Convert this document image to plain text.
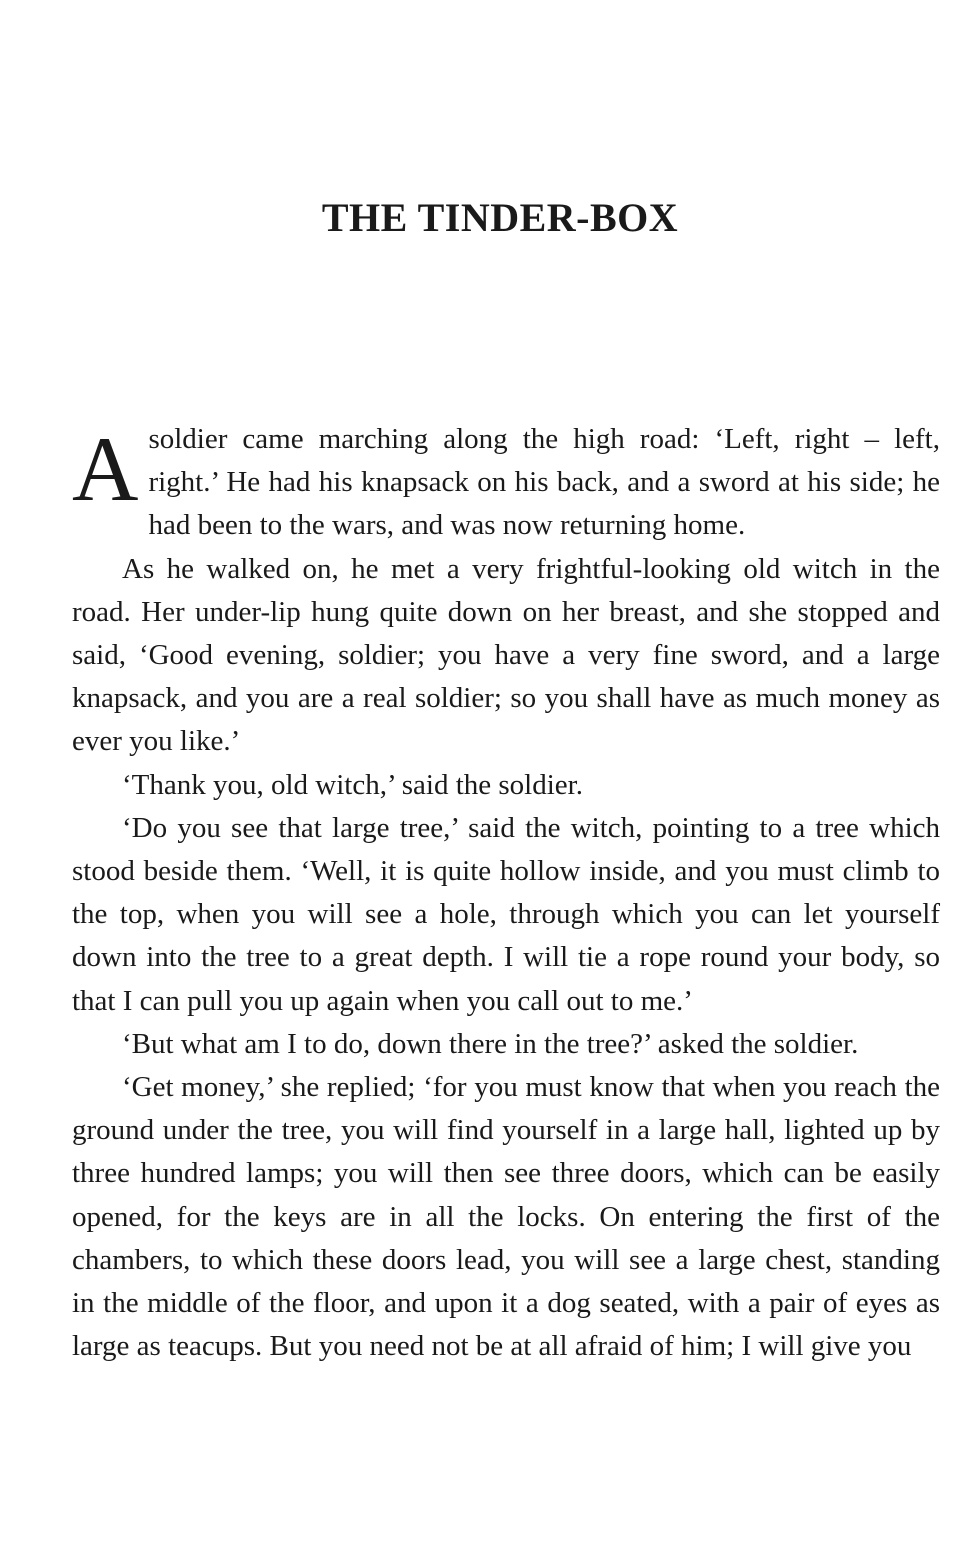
THE TINDER-BOX

A soldier came marching along the high road: ‘Left, right – left, right.’ He had his knapsack on his back, and a sword at his side; he had been to the wars, and was now returning home.

As he walked on, he met a very frightful-looking old witch in the road. Her under-lip hung quite down on her breast, and she stopped and said, ‘Good evening, soldier; you have a very fine sword, and a large knapsack, and you are a real soldier; so you shall have as much money as ever you like.’

‘Thank you, old witch,’ said the soldier.

‘Do you see that large tree,’ said the witch, pointing to a tree which stood beside them. ‘Well, it is quite hollow inside, and you must climb to the top, when you will see a hole, through which you can let yourself down into the tree to a great depth. I will tie a rope round your body, so that I can pull you up again when you call out to me.’

‘But what am I to do, down there in the tree?’ asked the soldier.

‘Get money,’ she replied; ‘for you must know that when you reach the ground under the tree, you will find yourself in a large hall, lighted up by three hundred lamps; you will then see three doors, which can be easily opened, for the keys are in all the locks. On entering the first of the chambers, to which these doors lead, you will see a large chest, standing in the middle of the floor, and upon it a dog seated, with a pair of eyes as large as teacups. But you need not be at all afraid of him; I will give you
